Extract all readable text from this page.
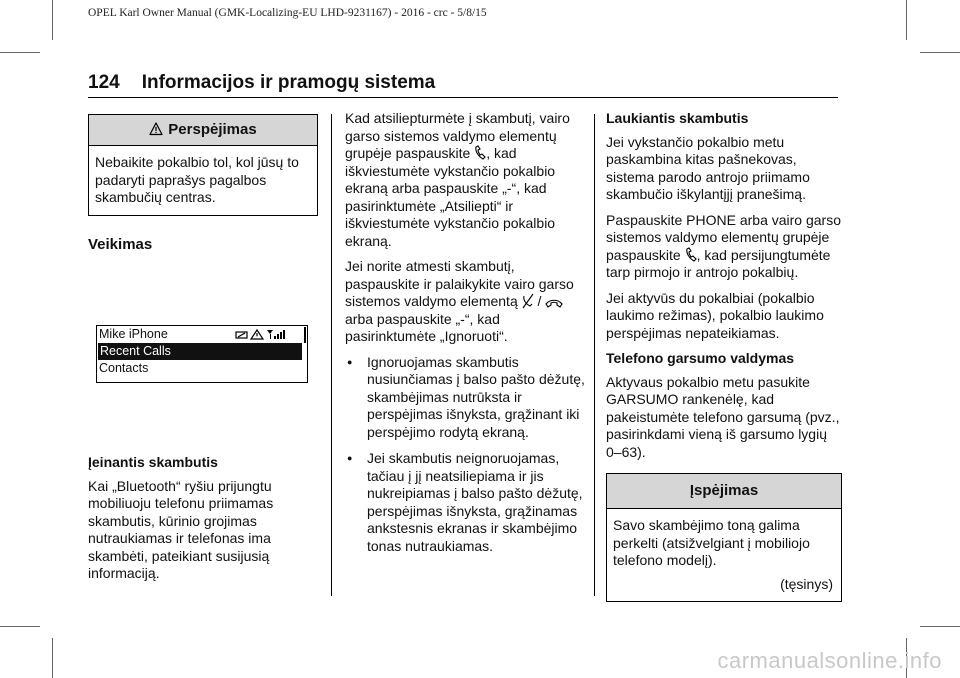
OPEL Karl Owner Manual (GMK-Localizing-EU LHD-9231167) - 2016 - crc - 5/8/15
124 Informacijos ir pramogų sistema
Perspėjimas
Nebaikite pokalbio tol, kol jūsų to padaryti paprašys pagalbos skambučių centras.
Veikimas
Mike iPhone
Recent Calls
Contacts
Įeinantis skambutis

Kai „Bluetooth“ ryšiu prijungtu mobiliuoju telefonu priimamas skambutis, kūrinio grojimas nutraukiamas ir telefonas ima skambėti, pateikiant susijusią informaciją.

Kad atsiliepturmėte į skambutį, vairo garso sistemos valdymo elementų grupėje paspauskite , kad iškviestumėte vykstančio pokalbio ekraną arba paspauskite „-“, kad pasirinktumėte „Atsiliepti“ ir iškviestumėte vykstančio pokalbio ekraną.

Jei norite atmesti skambutį, paspauskite ir palaikykite vairo garso sistemos valdymo elementą  /  arba paspauskite „-“, kad pasirinktumėte „Ignoruoti“.

● Ignoruojamas skambutis nusiunčiamas į balso pašto dėžutę, skambėjimas nutrūksta ir perspėjimas išnyksta, grąžinant iki perspėjimo rodytą ekraną.
● Jei skambutis neignoruojamas, tačiau į jį neatsiliepiama ir jis nukreipiamas į balso pašto dėžutę, perspėjimas išnyksta, grąžinamas ankstesnis ekranas ir skambėjimo tonas nutraukiamas.
Laukiantis skambutis

Jei vykstančio pokalbio metu paskambina kitas pašnekovas, sistema parodo antrojo priimamo skambučio iškylantįjį pranešimą.

Paspauskite PHONE arba vairo garso sistemos valdymo elementų grupėje paspauskite , kad persijungtumėte tarp pirmojo ir antrojo pokalbių.

Jei aktyvūs du pokalbiai (pokalbio laukimo režimas), pokalbio laukimo perspėjimas nepateikiamas.

Telefono garsumo valdymas

Aktyvaus pokalbio metu pasukite GARSUMO rankenėlę, kad pakeistumėte telefono garsumą (pvz., pasirinkdami vieną iš garsumo lygių 0–63).

Įspėjimas
Savo skambėjimo toną galima perkelti (atsižvelgiant į mobiliojo telefono modelį).
(tęsinys)
carmanualsonline.info
